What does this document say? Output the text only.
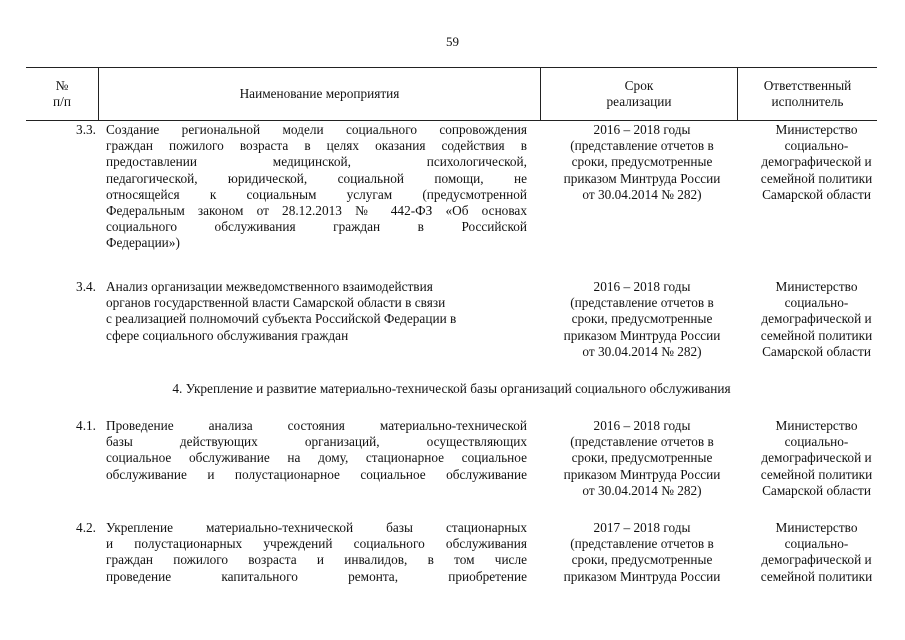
59
№
п/п
Наименование мероприятия
Срок
реализации
Ответственный
исполнитель
3.3. Создание региональной модели социального сопровождения
граждан пожилого возраста в целях оказания содействия в
предоставлении медицинской, психологической,
педагогической, юридической, социальной помощи, не
относящейся к социальным услугам (предусмотренной
Федеральным законом от 28.12.2013 № 442-ФЗ «Об основах
социального обслуживания граждан в Российской
Федерации»)
2016 – 2018 годы
(представление отчетов в
сроки, предусмотренные
приказом Минтруда России
от 30.04.2014 № 282)
Министерство
социально-
демографической и
семейной политики
Самарской области
3.4. Анализ организации межведомственного взаимодействия
органов государственной власти Самарской области в связи
с реализацией полномочий субъекта Российской Федерации в
сфере социального обслуживания граждан
2016 – 2018 годы
(представление отчетов в
сроки, предусмотренные
приказом Минтруда России
от 30.04.2014 № 282)
Министерство
социально-
демографической и
семейной политики
Самарской области
4. Укрепление и развитие материально-технической базы организаций социального обслуживания
4.1. Проведение анализа состояния материально-технической
базы действующих организаций, осуществляющих
социальное обслуживание на дому, стационарное социальное
обслуживание и полустационарное социальное обслуживание
2016 – 2018 годы
(представление отчетов в
сроки, предусмотренные
приказом Минтруда России
от 30.04.2014 № 282)
Министерство
социально-
демографической и
семейной политики
Самарской области
4.2. Укрепление материально-технической базы стационарных
и полустационарных учреждений социального обслуживания
граждан пожилого возраста и инвалидов, в том числе
проведение капитального ремонта, приобретение
2017 – 2018 годы
(представление отчетов в
сроки, предусмотренные
приказом Минтруда России
Министерство
социально-
демографической и
семейной политики
